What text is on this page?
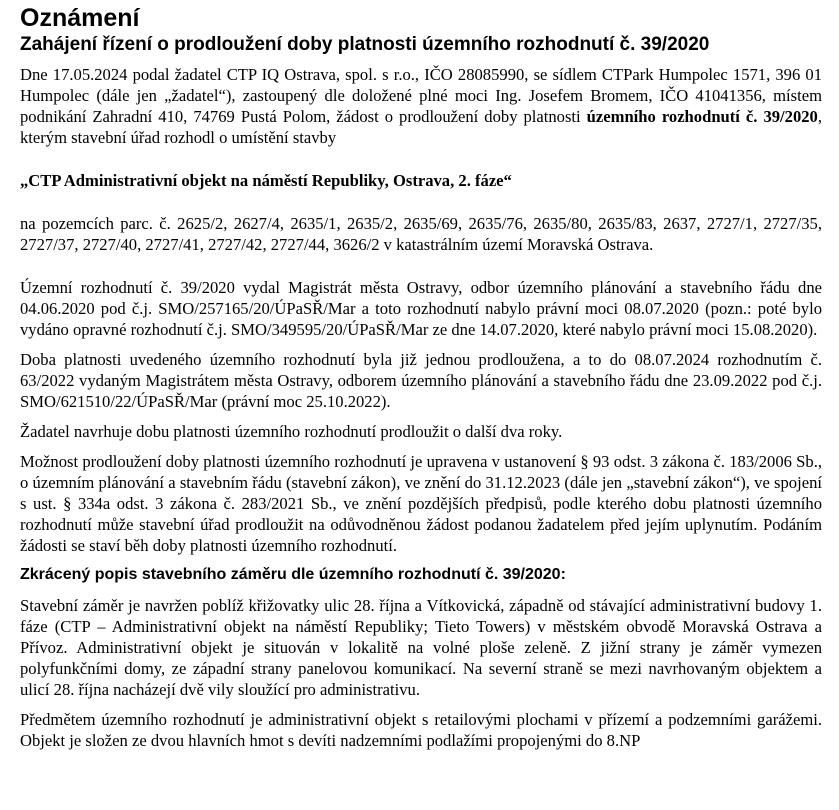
Oznámení
Zahájení řízení o prodloužení doby platnosti územního rozhodnutí č. 39/2020

Dne 17.05.2024 podal žadatel CTP IQ Ostrava, spol. s r.o., IČO 28085990, se sídlem CTPark Humpolec 1571, 396 01 Humpolec (dále jen „žadatel“), zastoupený dle doložené plné moci Ing. Josefem Bromem, IČO 41041356, místem podnikání Zahradní 410, 74769 Pustá Polom, žádost o prodloužení doby platnosti územního rozhodnutí č. 39/2020, kterým stavební úřad rozhodl o umístění stavby

„CTP Administrativní objekt na náměstí Republiky, Ostrava, 2. fáze“

na pozemcích parc. č. 2625/2, 2627/4, 2635/1, 2635/2, 2635/69, 2635/76, 2635/80, 2635/83, 2637, 2727/1, 2727/35, 2727/37, 2727/40, 2727/41, 2727/42, 2727/44, 3626/2 v katastrálním území Moravská Ostrava.

Územní rozhodnutí č. 39/2020 vydal Magistrát města Ostravy, odbor územního plánování a stavebního řádu dne 04.06.2020 pod č.j. SMO/257165/20/ÚPaSŘ/Mar a toto rozhodnutí nabylo právní moci 08.07.2020 (pozn.: poté bylo vydáno opravné rozhodnutí č.j. SMO/349595/20/ÚPaSŘ/Mar ze dne 14.07.2020, které nabylo právní moci 15.08.2020).

Doba platnosti uvedeného územního rozhodnutí byla již jednou prodloužena, a to do 08.07.2024 rozhodnutím č. 63/2022 vydaným Magistrátem města Ostravy, odborem územního plánování a stavebního řádu dne 23.09.2022 pod č.j. SMO/621510/22/ÚPaSŘ/Mar (právní moc 25.10.2022).

Žadatel navrhuje dobu platnosti územního rozhodnutí prodloužit o další dva roky.

Možnost prodloužení doby platnosti územního rozhodnutí je upravena v ustanovení § 93 odst. 3 zákona č. 183/2006 Sb., o územním plánování a stavebním řádu (stavební zákon), ve znění do 31.12.2023 (dále jen „stavební zákon“), ve spojení s ust. § 334a odst. 3 zákona č. 283/2021 Sb., ve znění pozdějších předpisů, podle kterého dobu platnosti územního rozhodnutí může stavební úřad prodloužit na odůvodněnou žádost podanou žadatelem před jejím uplynutím. Podáním žádosti se staví běh doby platnosti územního rozhodnutí.

Zkrácený popis stavebního záměru dle územního rozhodnutí č. 39/2020:

Stavební záměr je navržen poblíž křižovatky ulic 28. října a Vítkovická, západně od stávající administrativní budovy 1. fáze (CTP – Administrativní objekt na náměstí Republiky; Tieto Towers) v městském obvodě Moravská Ostrava a Přívoz. Administrativní objekt je situován v lokalitě na volné ploše zeleně. Z jižní strany je záměr vymezen polyfunkčními domy, ze západní strany panelovou komunikací. Na severní straně se mezi navrhovaným objektem a ulicí 28. října nacházejí dvě vily sloužící pro administrativu.

Předmětem územního rozhodnutí je administrativní objekt s retailovými plochami v přízemí a podzemními garážemi. Objekt je složen ze dvou hlavních hmot s devíti nadzemními podlažími propojenými do 8.NP
